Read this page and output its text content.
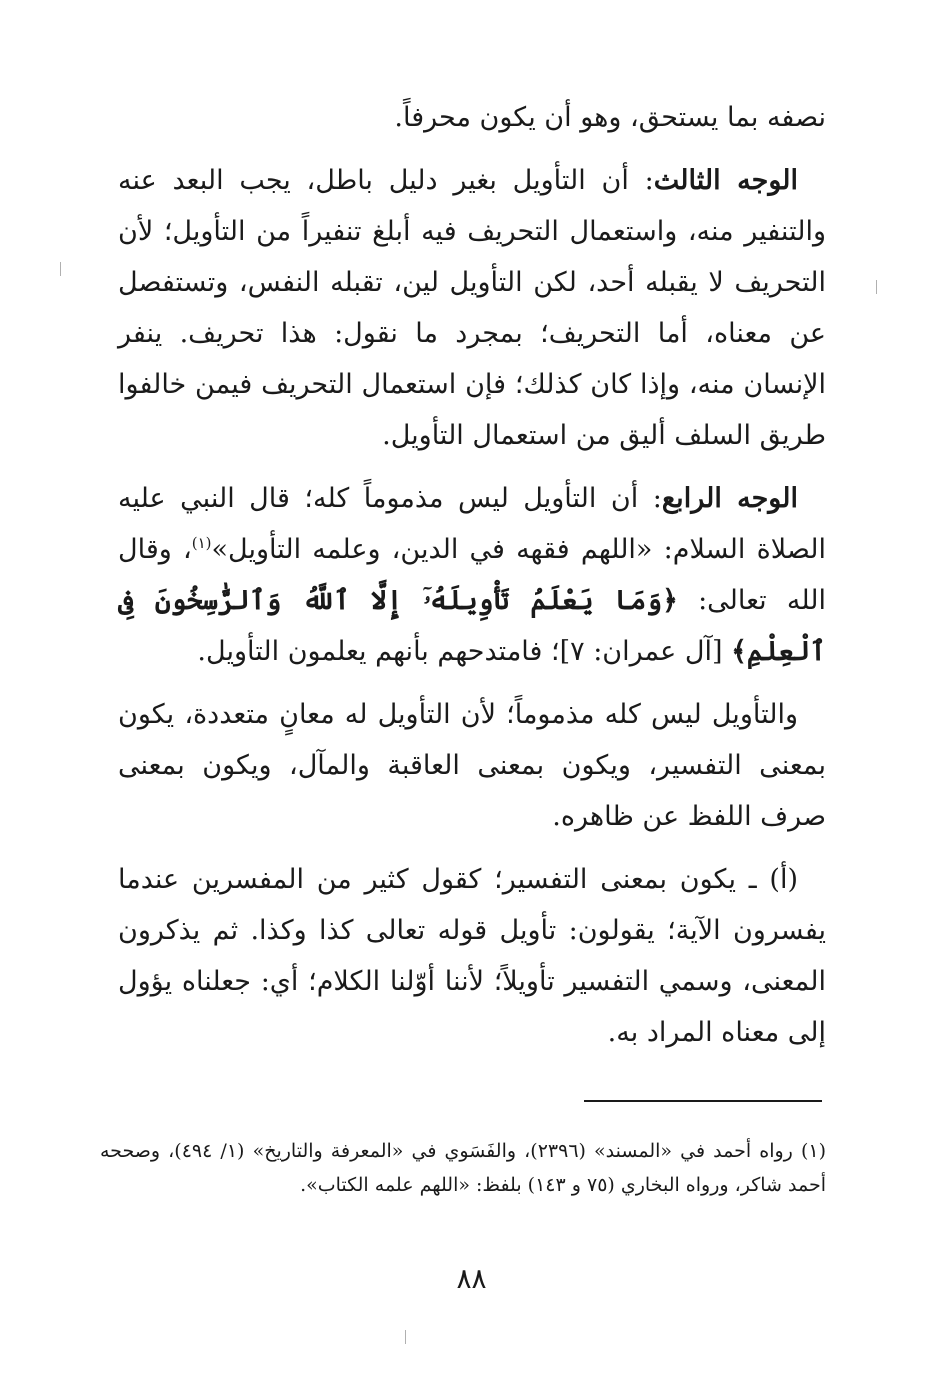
نصفه بما يستحق، وهو أن يكون محرفاً.

الوجه الثالث: أن التأويل بغير دليل باطل، يجب البعد عنه والتنفير منه، واستعمال التحريف فيه أبلغ تنفيراً من التأويل؛ لأن التحريف لا يقبله أحد، لكن التأويل لين، تقبله النفس، وتستفصل عن معناه، أما التحريف؛ بمجرد ما نقول: هذا تحريف. ينفر الإنسان منه، وإذا كان كذلك؛ فإن استعمال التحريف فيمن خالفوا طريق السلف أليق من استعمال التأويل.

الوجه الرابع: أن التأويل ليس مذموماً كله؛ قال النبي عليه الصلاة السلام: «اللهم فقهه في الدين، وعلمه التأويل»$^{(١)}$، وقال الله تعالى: ﴿وَمَا يَعْلَمُ تَأْوِيلَهُۥٓ إِلَّا ٱللَّهُ وَٱلرَّٰسِخُونَ فِى ٱلْعِلْمِ﴾ [آل عمران: ٧]؛ فامتدحهم بأنهم يعلمون التأويل.

والتأويل ليس كله مذموماً؛ لأن التأويل له معانٍ متعددة، يكون بمعنى التفسير، ويكون بمعنى العاقبة والمآل، ويكون بمعنى صرف اللفظ عن ظاهره.

(أ) ـ يكون بمعنى التفسير؛ كقول كثير من المفسرين عندما يفسرون الآية؛ يقولون: تأويل قوله تعالى كذا وكذا. ثم يذكرون المعنى، وسمي التفسير تأويلاً؛ لأننا أوّلنا الكلام؛ أي: جعلناه يؤول إلى معناه المراد به.

(١) رواه أحمد في «المسند» (٢٣٩٦)، والفَسَوي في «المعرفة والتاريخ» (١/ ٤٩٤)، وصححه أحمد شاكر، ورواه البخاري (٧٥ و ١٤٣) بلفظ: «اللهم علمه الكتاب».

٨٨
